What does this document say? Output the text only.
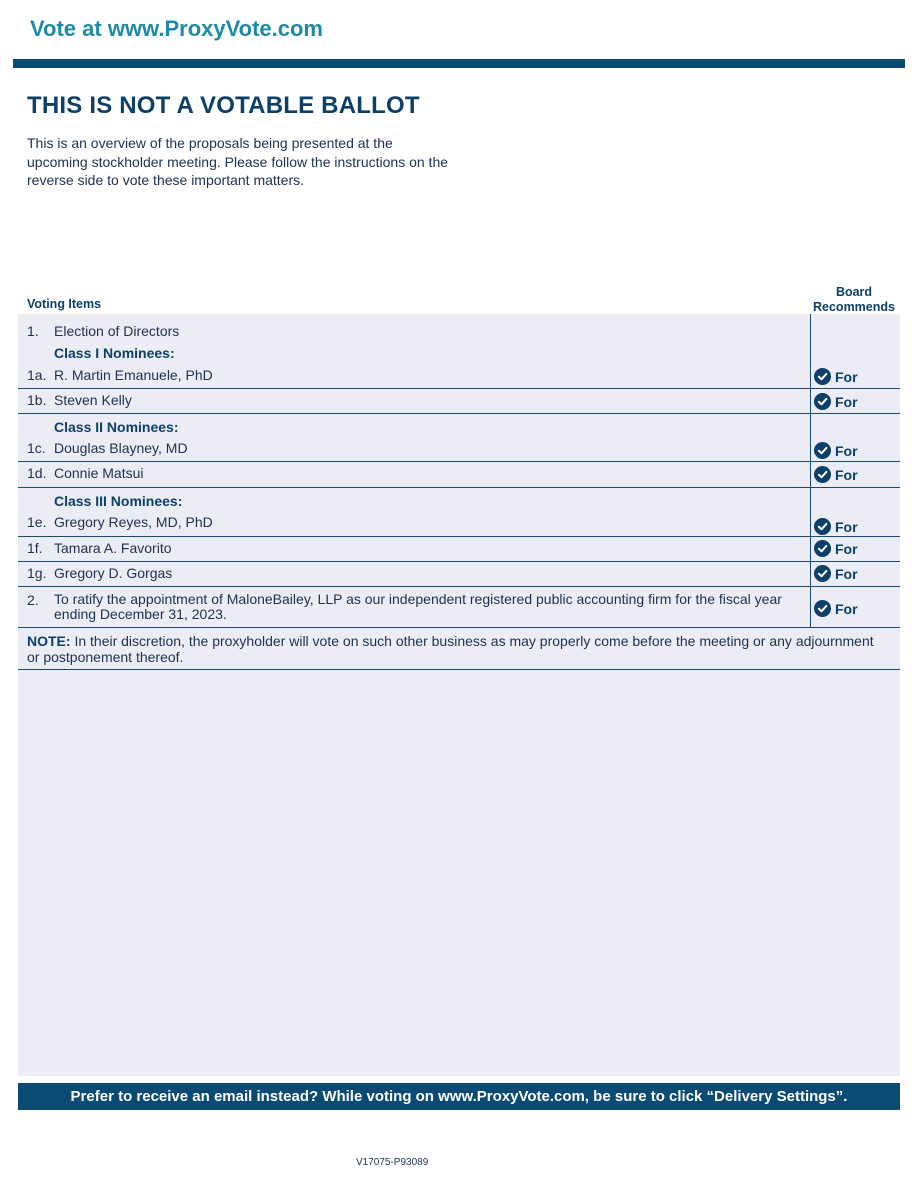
Vote at www.ProxyVote.com
THIS IS NOT A VOTABLE BALLOT
This is an overview of the proposals being presented at the upcoming stockholder meeting. Please follow the instructions on the reverse side to vote these important matters.
Voting Items
Board
Recommends
1. Election of Directors
Class I Nominees:
1a. R. Martin Emanuele, PhD	For
1b. Steven Kelly	For
Class II Nominees:
1c. Douglas Blayney, MD	For
1d. Connie Matsui	For
Class III Nominees:
1e. Gregory Reyes, MD, PhD	For
1f. Tamara A. Favorito	For
1g. Gregory D. Gorgas	For
2. To ratify the appointment of MaloneBailey, LLP as our independent registered public accounting firm for the fiscal year
ending December 31, 2023.	For
NOTE: In their discretion, the proxyholder will vote on such other business as may properly come before the meeting or any adjournment or postponement thereof.
Prefer to receive an email instead? While voting on www.ProxyVote.com, be sure to click “Delivery Settings”.
V17075-P93089
